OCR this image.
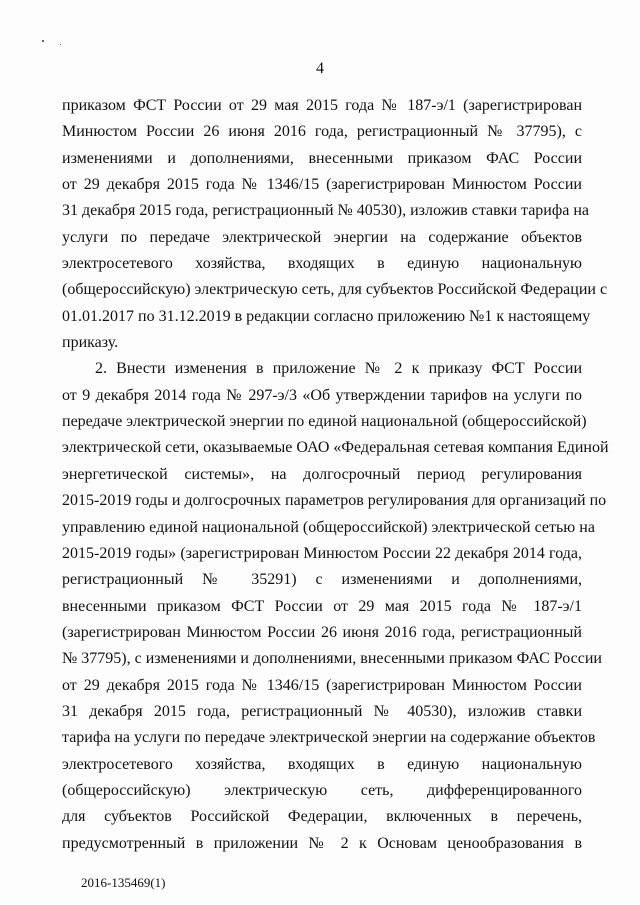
4
приказом ФСТ России от 29 мая 2015 года № 187-э/1 (зарегистрирован
Минюстом России 26 июня 2016 года, регистрационный № 37795), с
изменениями и дополнениями, внесенными приказом ФАС России
от 29 декабря 2015 года № 1346/15 (зарегистрирован Минюстом России
31 декабря 2015 года, регистрационный № 40530), изложив ставки тарифа на
услуги по передаче электрической энергии на содержание объектов
электросетевого хозяйства, входящих в единую национальную
(общероссийскую) электрическую сеть, для субъектов Российской Федерации с
01.01.2017 по 31.12.2019 в редакции согласно приложению №1 к настоящему
приказу.
2. Внести изменения в приложение № 2 к приказу ФСТ России
от 9 декабря 2014 года № 297-э/3 «Об утверждении тарифов на услуги по
передаче электрической энергии по единой национальной (общероссийской)
электрической сети, оказываемые ОАО «Федеральная сетевая компания Единой
энергетической системы», на долгосрочный период регулирования
2015-2019 годы и долгосрочных параметров регулирования для организаций по
управлению единой национальной (общероссийской) электрической сетью на
2015-2019 годы» (зарегистрирован Минюстом России 22 декабря 2014 года,
регистрационный № 35291) с изменениями и дополнениями,
внесенными приказом ФСТ России от 29 мая 2015 года № 187-э/1
(зарегистрирован Минюстом России 26 июня 2016 года, регистрационный
№ 37795), с изменениями и дополнениями, внесенными приказом ФАС России
от 29 декабря 2015 года № 1346/15 (зарегистрирован Минюстом России
31 декабря 2015 года, регистрационный № 40530), изложив ставки
тарифа на услуги по передаче электрической энергии на содержание объектов
электросетевого хозяйства, входящих в единую национальную
(общероссийскую) электрическую сеть, дифференцированного
для субъектов Российской Федерации, включенных в перечень,
предусмотренный в приложении № 2 к Основам ценообразования в
2016-135469(1)
